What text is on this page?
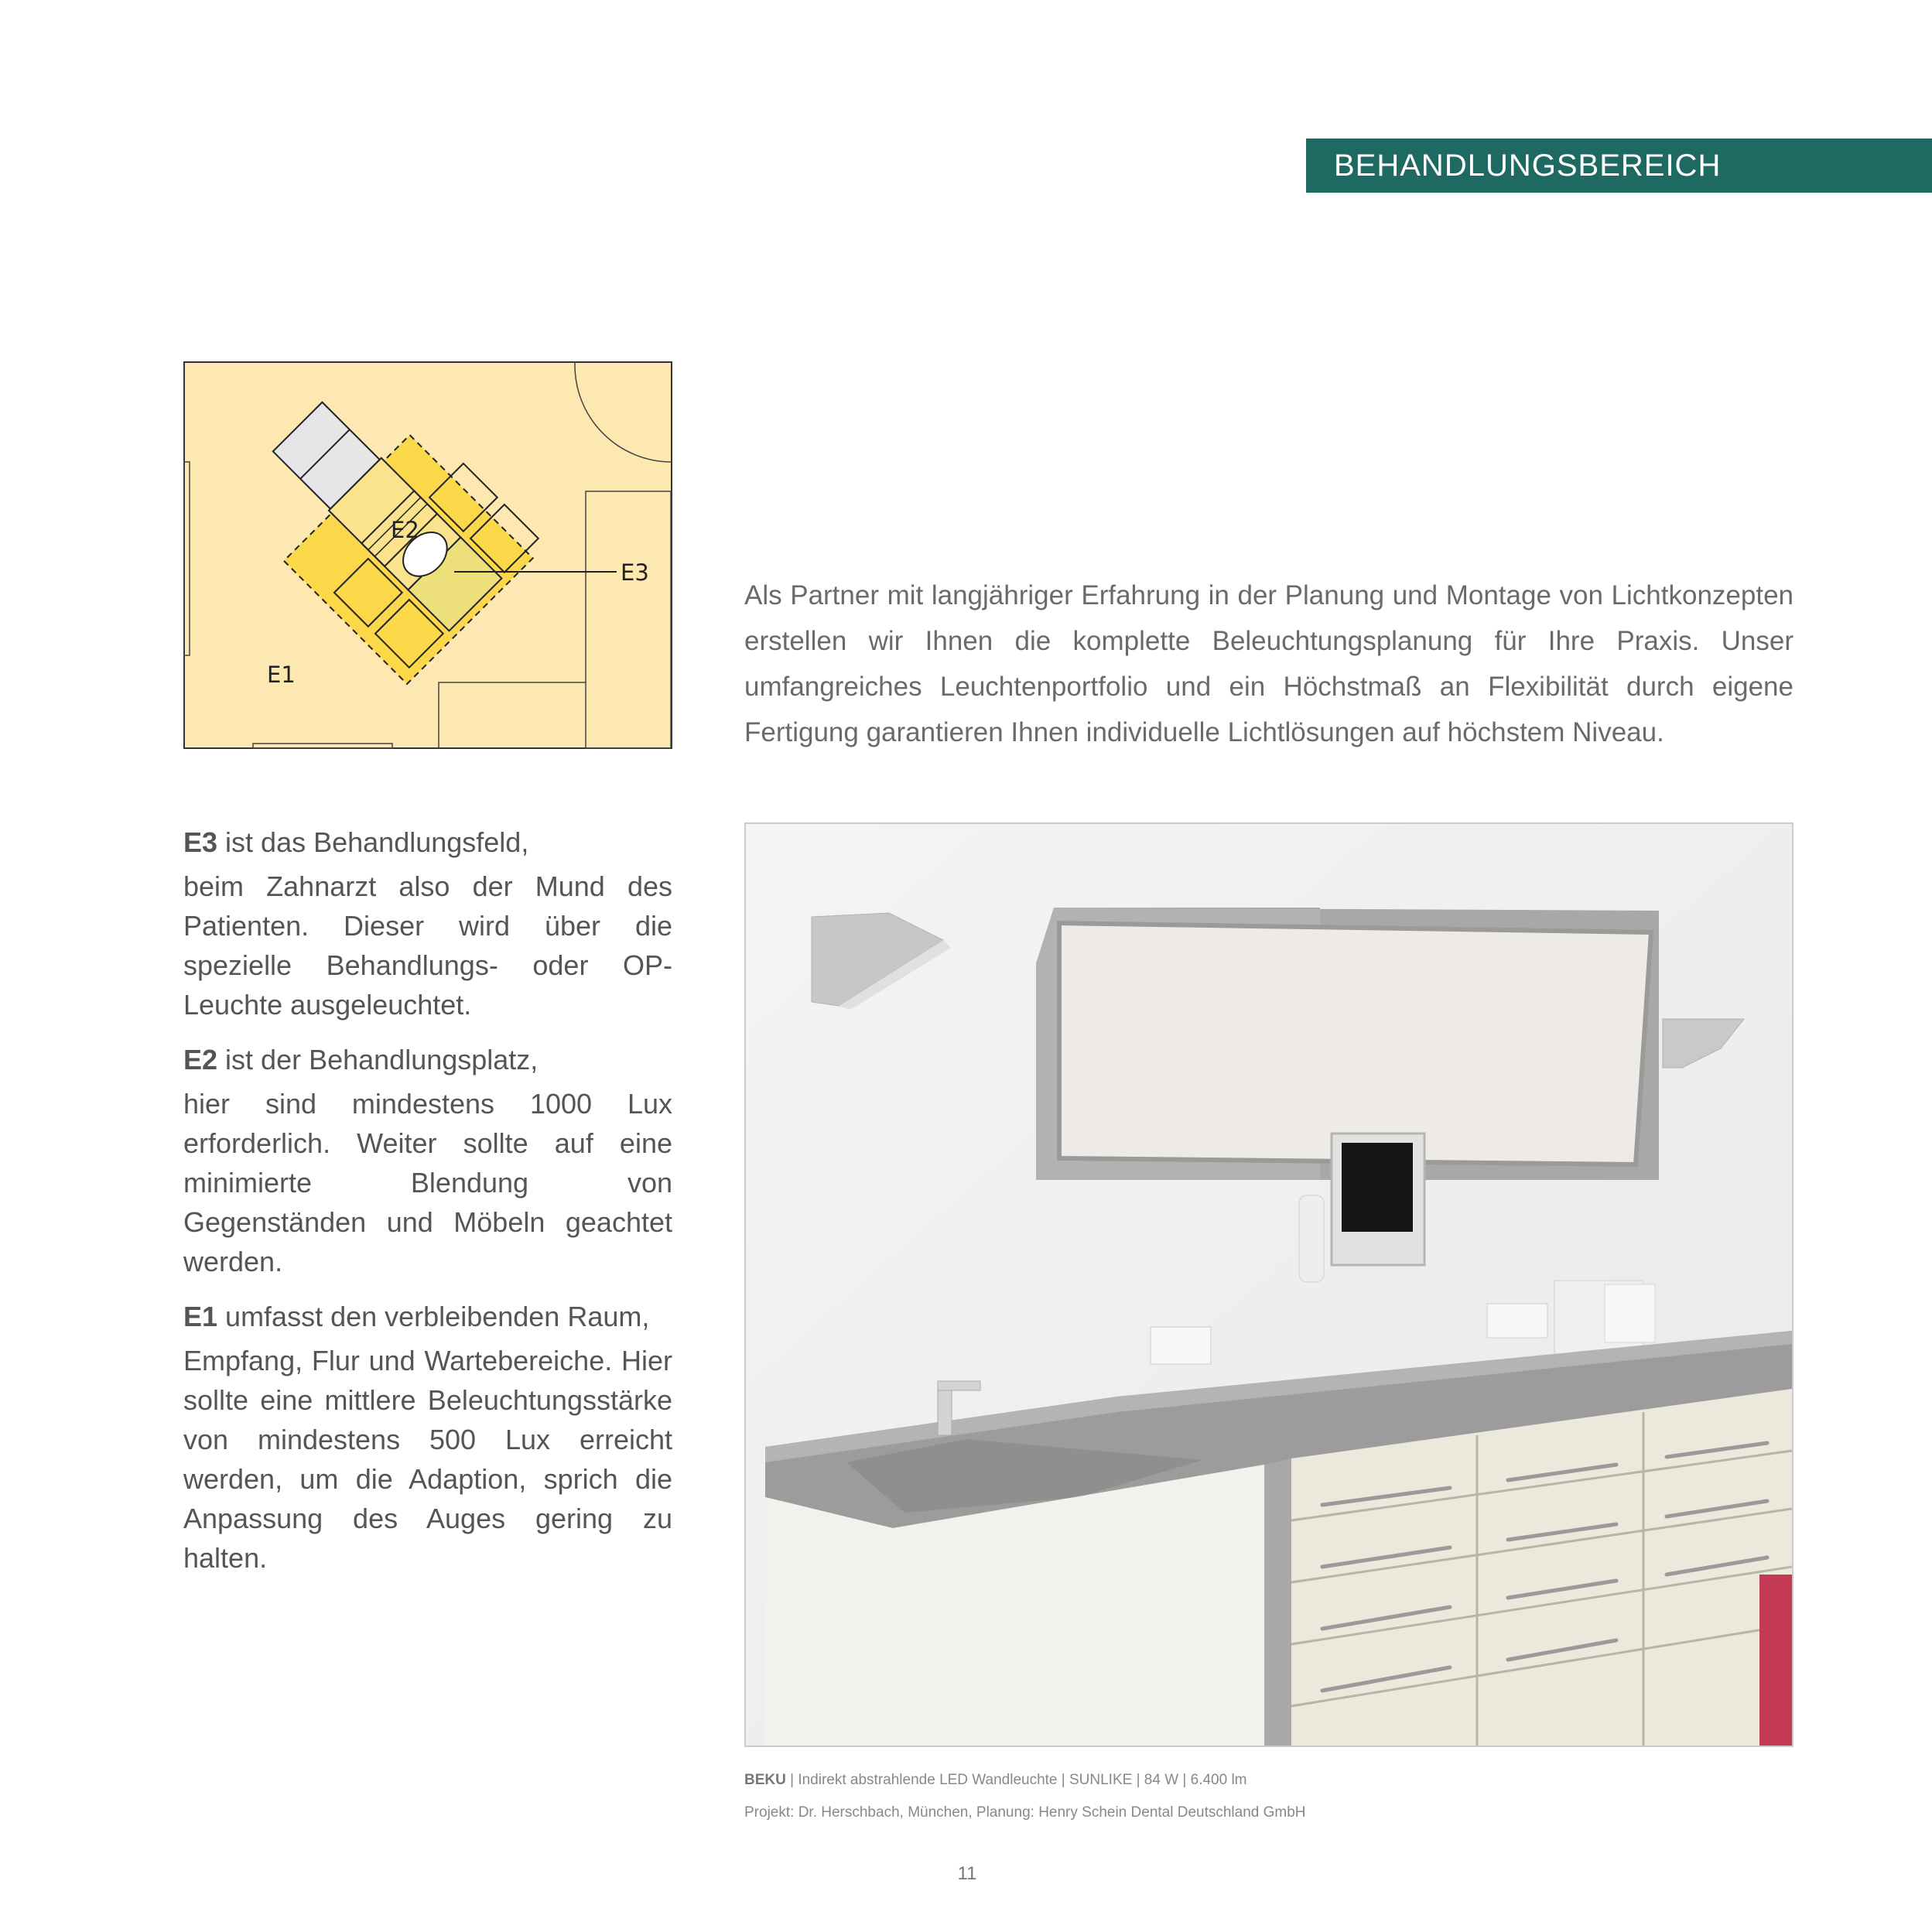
BEHANDLUNGSBEREICH
E3
E2
E1

Als Partner mit langjähriger Erfahrung in der Planung und Montage von Lichtkonzepten erstellen wir Ihnen die komplette Beleuchtungsplanung für Ihre Praxis. Unser umfangreiches Leuchtenportfolio und ein Höchstmaß an Flexibilität durch eigene Fertigung garantieren Ihnen individuelle Lichtlösungen auf höchstem Niveau.

E3 ist das Behandlungsfeld,

beim Zahnarzt also der Mund des Patienten. Dieser wird über die spezielle Behandlungs- oder OP-Leuchte ausgeleuchtet.

E2 ist der Behandlungsplatz,

hier sind mindestens 1000 Lux erforderlich. Weiter sollte auf eine minimierte Blendung von Gegenständen und Möbeln geachtet werden.

E1 umfasst den verbleibenden Raum,

Empfang, Flur und Wartebereiche. Hier sollte eine mittlere Beleuchtungsstärke von mindestens 500 Lux erreicht werden, um die Adaption, sprich die Anpassung des Auges gering zu halten.

BEKU | Indirekt abstrahlende LED Wandleuchte | SUNLIKE | 84 W | 6.400 lm
Projekt: Dr. Herschbach, München, Planung: Henry Schein Dental Deutschland GmbH
11
